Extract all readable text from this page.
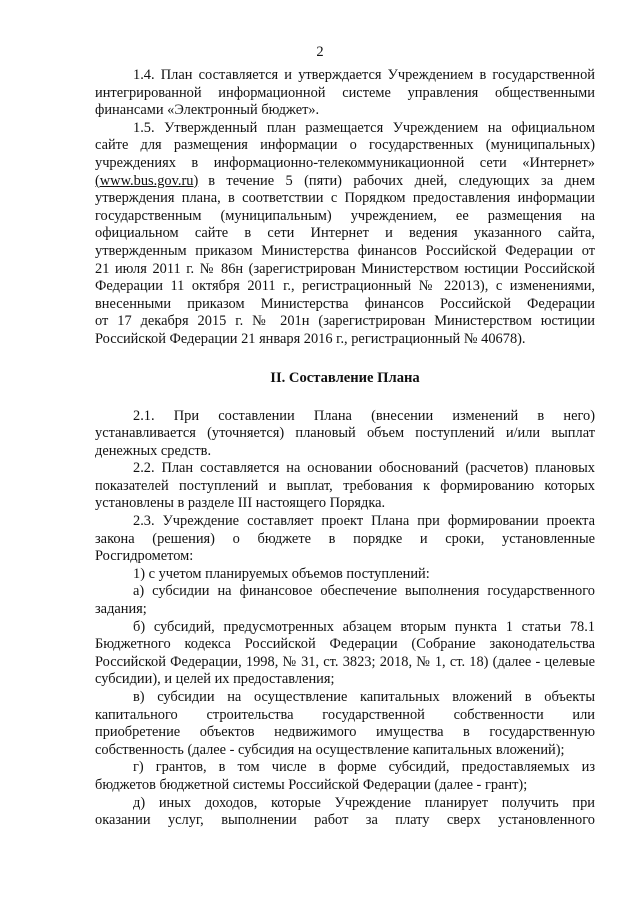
2
1.4. План составляется и утверждается Учреждением в государственной
интегрированной информационной системе управления общественными
финансами «Электронный бюджет».
1.5. Утвержденный план размещается Учреждением на официальном
сайте для размещения информации о государственных (муниципальных)
учреждениях в информационно-телекоммуникационной сети «Интернет»
(www.bus.gov.ru) в течение 5 (пяти) рабочих дней, следующих за днем
утверждения плана, в соответствии с Порядком предоставления информации
государственным (муниципальным) учреждением, ее размещения на
официальном сайте в сети Интернет и ведения указанного сайта,
утвержденным приказом Министерства финансов Российской Федерации от
21 июля 2011 г. № 86н (зарегистрирован Министерством юстиции Российской
Федерации 11 октября 2011 г., регистрационный № 22013), с изменениями,
внесенными приказом Министерства финансов Российской Федерации
от 17 декабря 2015 г. № 201н (зарегистрирован Министерством юстиции
Российской Федерации 21 января 2016 г., регистрационный № 40678).
II. Составление Плана
2.1. При составлении Плана (внесении изменений в него)
устанавливается (уточняется) плановый объем поступлений и/или выплат
денежных средств.
2.2. План составляется на основании обоснований (расчетов) плановых
показателей поступлений и выплат, требования к формированию которых
установлены в разделе III настоящего Порядка.
2.3. Учреждение составляет проект Плана при формировании проекта
закона (решения) о бюджете в порядке и сроки, установленные
Росгидрометом:
1) с учетом планируемых объемов поступлений:
а) субсидии на финансовое обеспечение выполнения государственного
задания;
б) субсидий, предусмотренных абзацем вторым пункта 1 статьи 78.1
Бюджетного кодекса Российской Федерации (Собрание законодательства
Российской Федерации, 1998, № 31, ст. 3823; 2018, № 1, ст. 18) (далее - целевые
субсидии), и целей их предоставления;
в) субсидии на осуществление капитальных вложений в объекты
капитального строительства государственной собственности или
приобретение объектов недвижимого имущества в государственную
собственность (далее - субсидия на осуществление капитальных вложений);
г) грантов, в том числе в форме субсидий, предоставляемых из
бюджетов бюджетной системы Российской Федерации (далее - грант);
д) иных доходов, которые Учреждение планирует получить при
оказании услуг, выполнении работ за плату сверх установленного
